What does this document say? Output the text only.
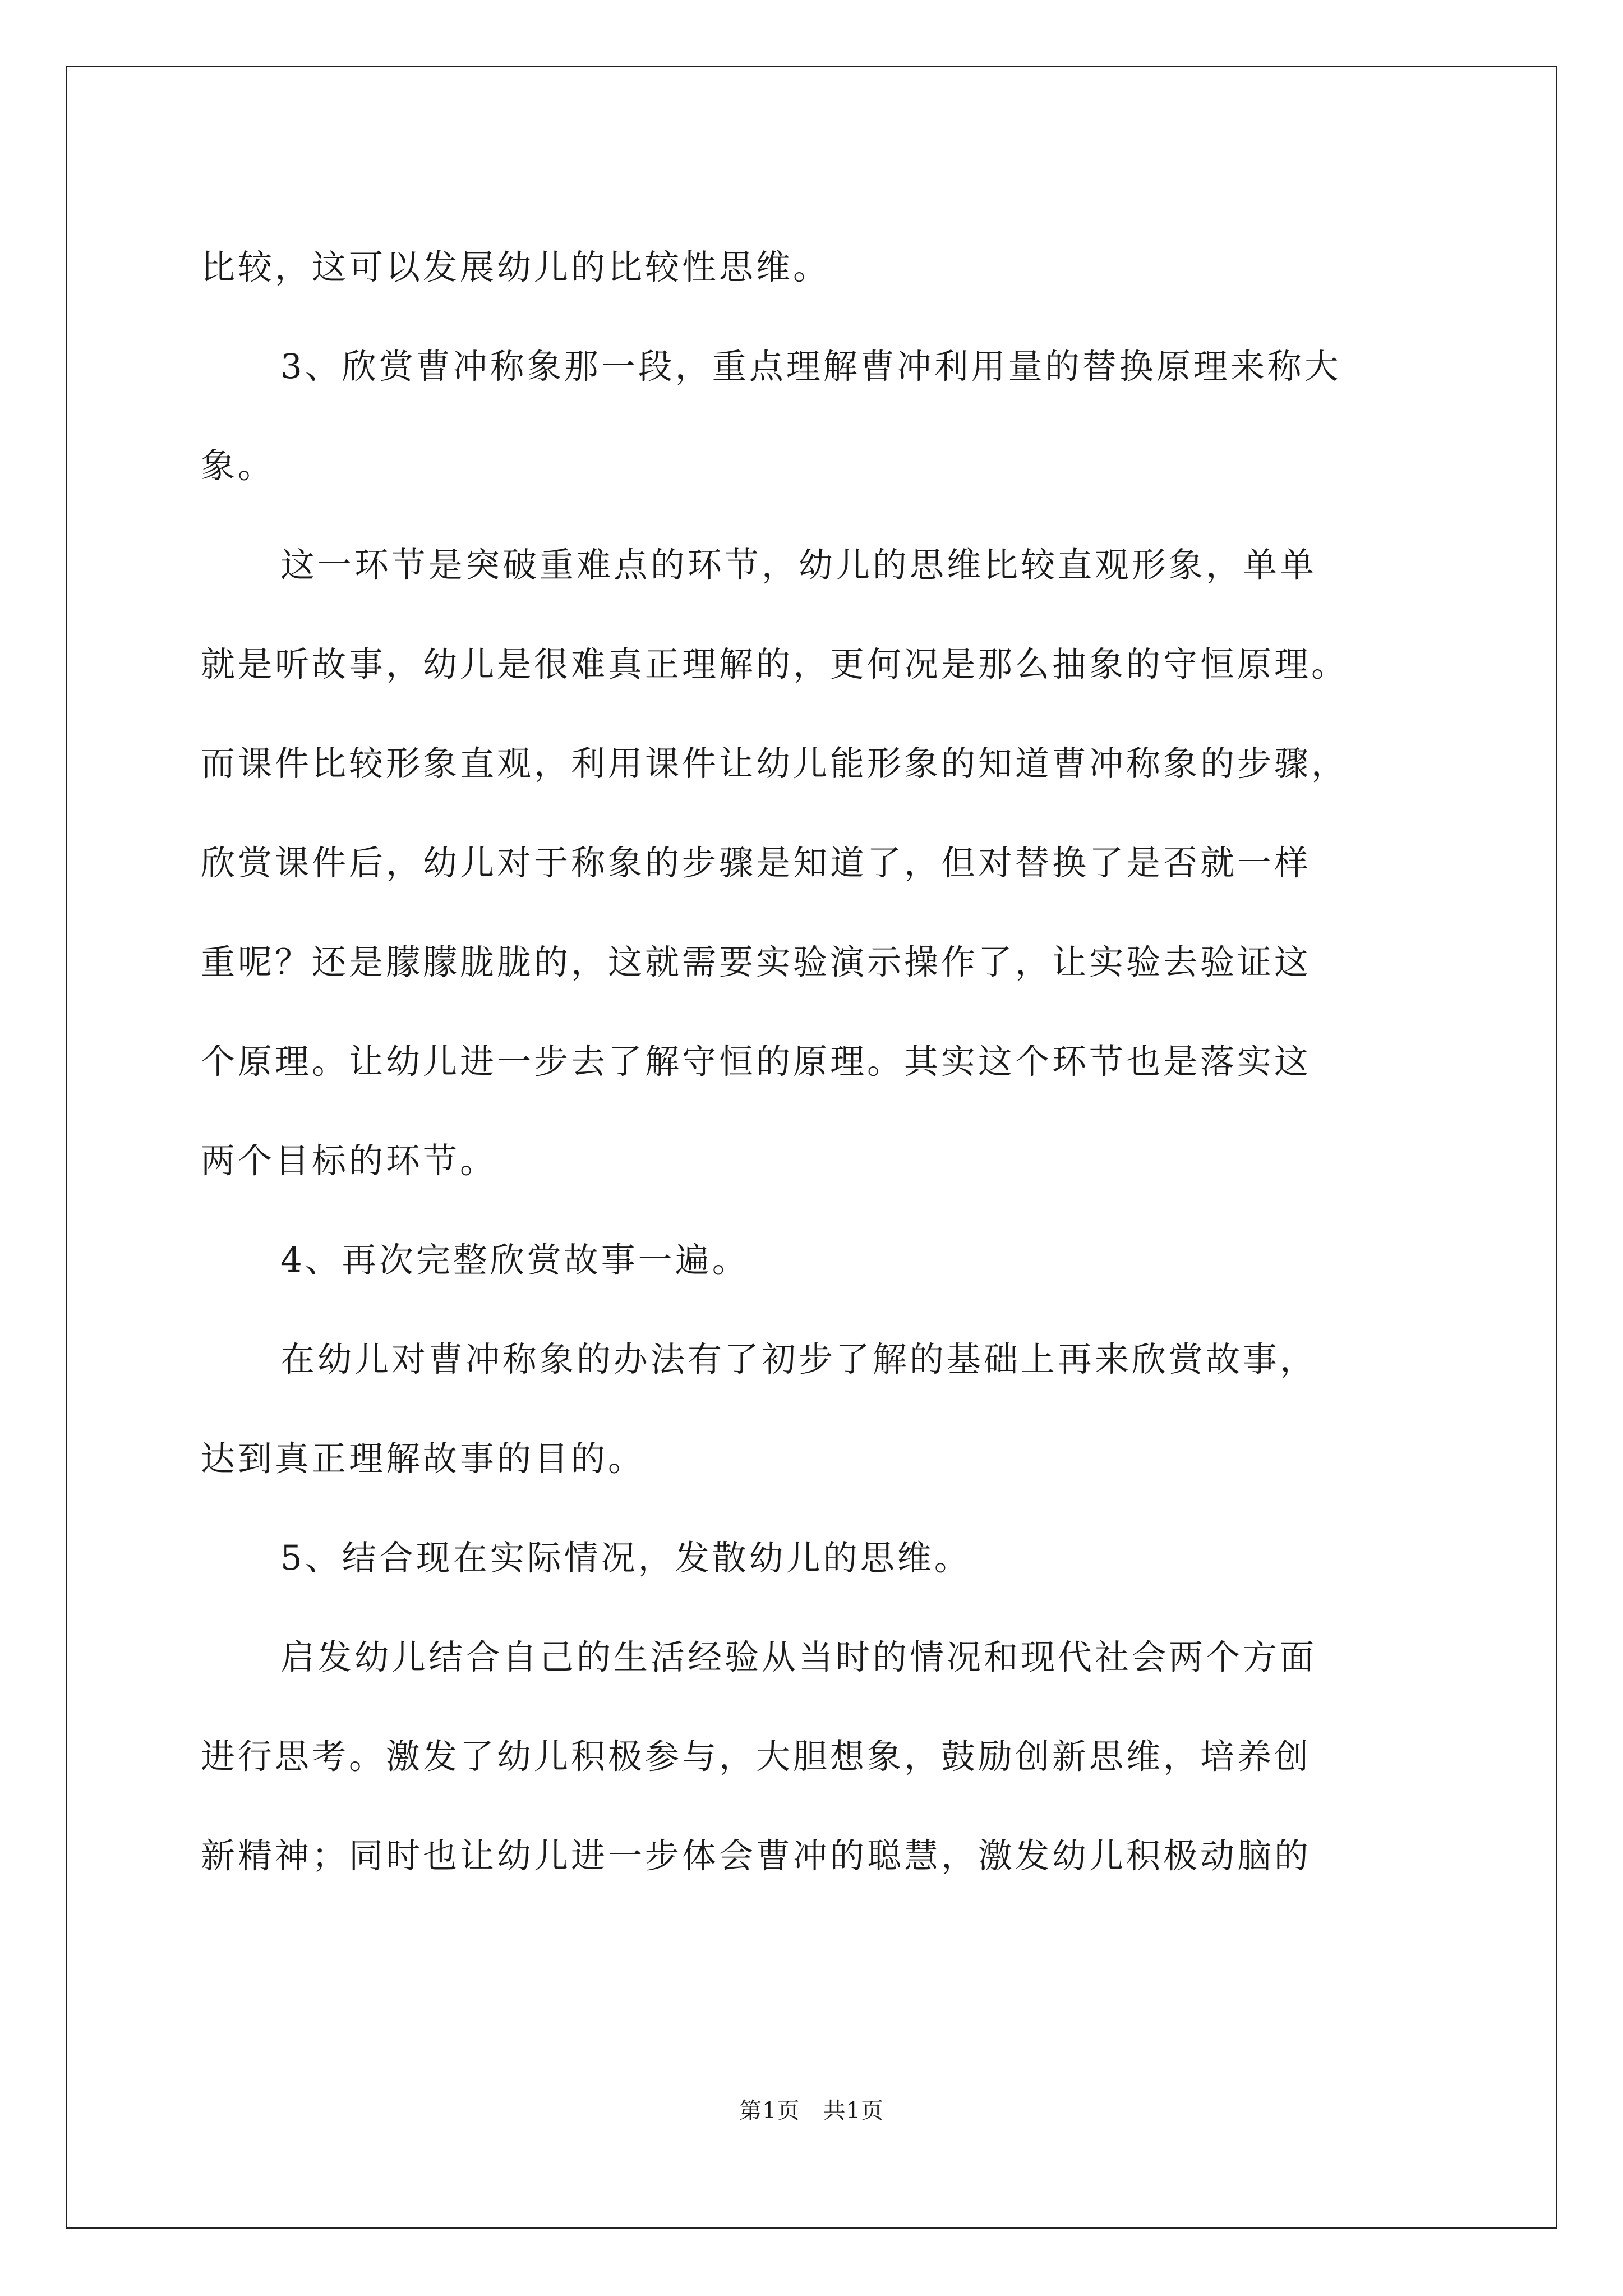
比较，这可以发展幼儿的比较性思维。
3、欣赏曹冲称象那一段，重点理解曹冲利用量的替换原理来称大
象。
这一环节是突破重难点的环节，幼儿的思维比较直观形象，单单
就是听故事，幼儿是很难真正理解的，更何况是那么抽象的守恒原理。
而课件比较形象直观，利用课件让幼儿能形象的知道曹冲称象的步骤，
欣赏课件后，幼儿对于称象的步骤是知道了，但对替换了是否就一样
重呢？还是朦朦胧胧的，这就需要实验演示操作了，让实验去验证这
个原理。让幼儿进一步去了解守恒的原理。其实这个环节也是落实这
两个目标的环节。
4、再次完整欣赏故事一遍。
在幼儿对曹冲称象的办法有了初步了解的基础上再来欣赏故事，
达到真正理解故事的目的。
5、结合现在实际情况，发散幼儿的思维。
启发幼儿结合自己的生活经验从当时的情况和现代社会两个方面
进行思考。激发了幼儿积极参与，大胆想象，鼓励创新思维，培养创
新精神；同时也让幼儿进一步体会曹冲的聪慧，激发幼儿积极动脑的
第1页　共1页
